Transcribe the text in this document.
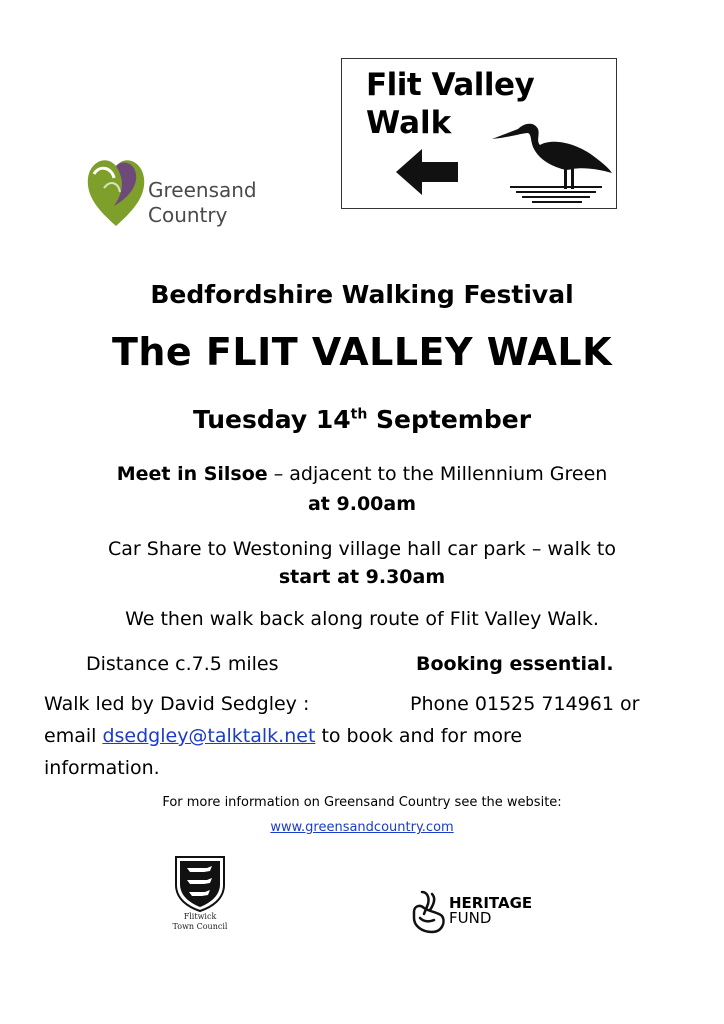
Greensand
Country
Flit Valley
Walk
Bedfordshire Walking Festival
The FLIT VALLEY WALK
Tuesday 14th September
Meet in Silsoe – adjacent to the Millennium Green
at 9.00am
Car Share to Westoning village hall car park – walk to
start at 9.30am
We then walk back along route of Flit Valley Walk.
Distance c.7.5 miles	Booking essential.
Walk led by David Sedgley :	Phone 01525 714961 or
email dsedgley@talktalk.net to book and for more
information.
For more information on Greensand Country see the website:
www.greensandcountry.com
Flitwick
Town Council
HERITAGE
FUND
